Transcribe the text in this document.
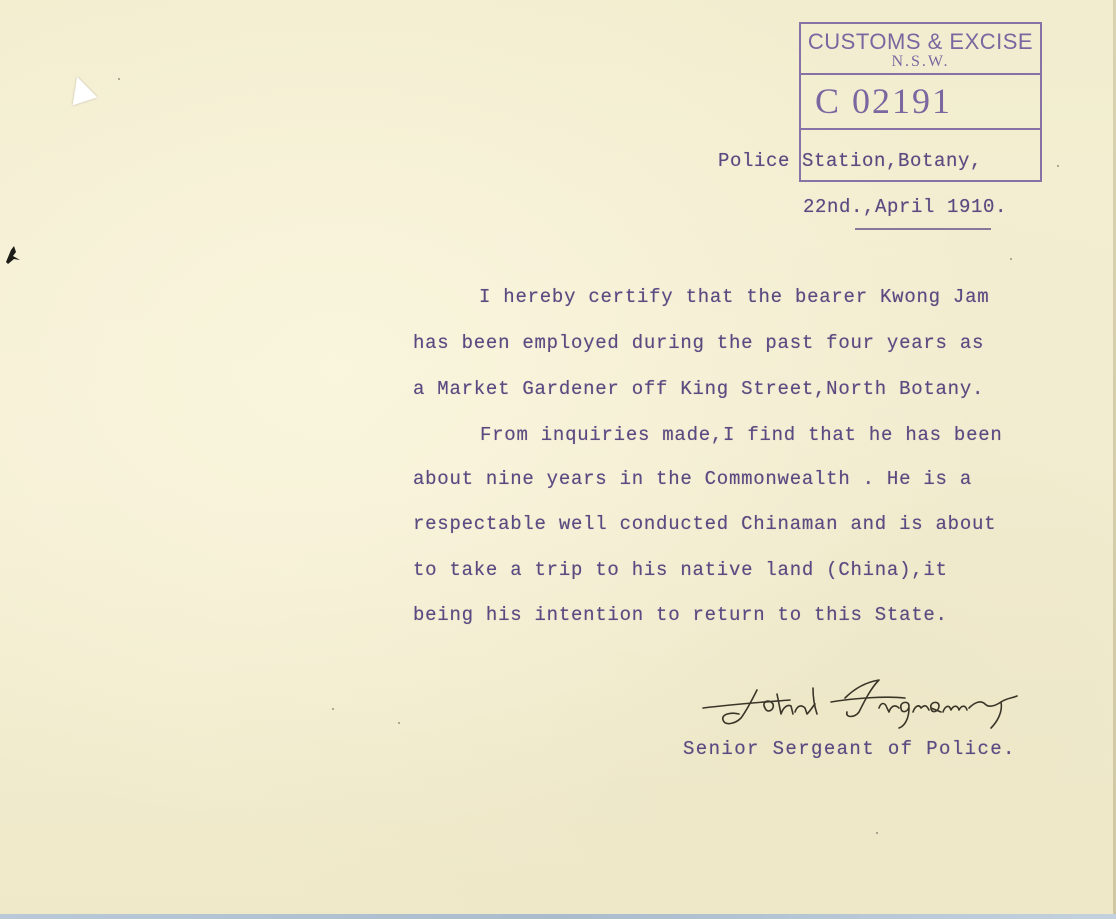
CUSTOMS & EXCISE
N.S.W.
C 02191
Police Station,Botany,
22nd.,April 1910.
I hereby certify that the bearer Kwong Jam
has been employed during the past four years as
a Market Gardener off King Street,North Botany.
From inquiries made,I find that he has been
about nine years in the Commonwealth . He is a
respectable well conducted Chinaman and is about
to take a trip to his native land (China),it
being his intention to return to this State.
Senior Sergeant of Police.
